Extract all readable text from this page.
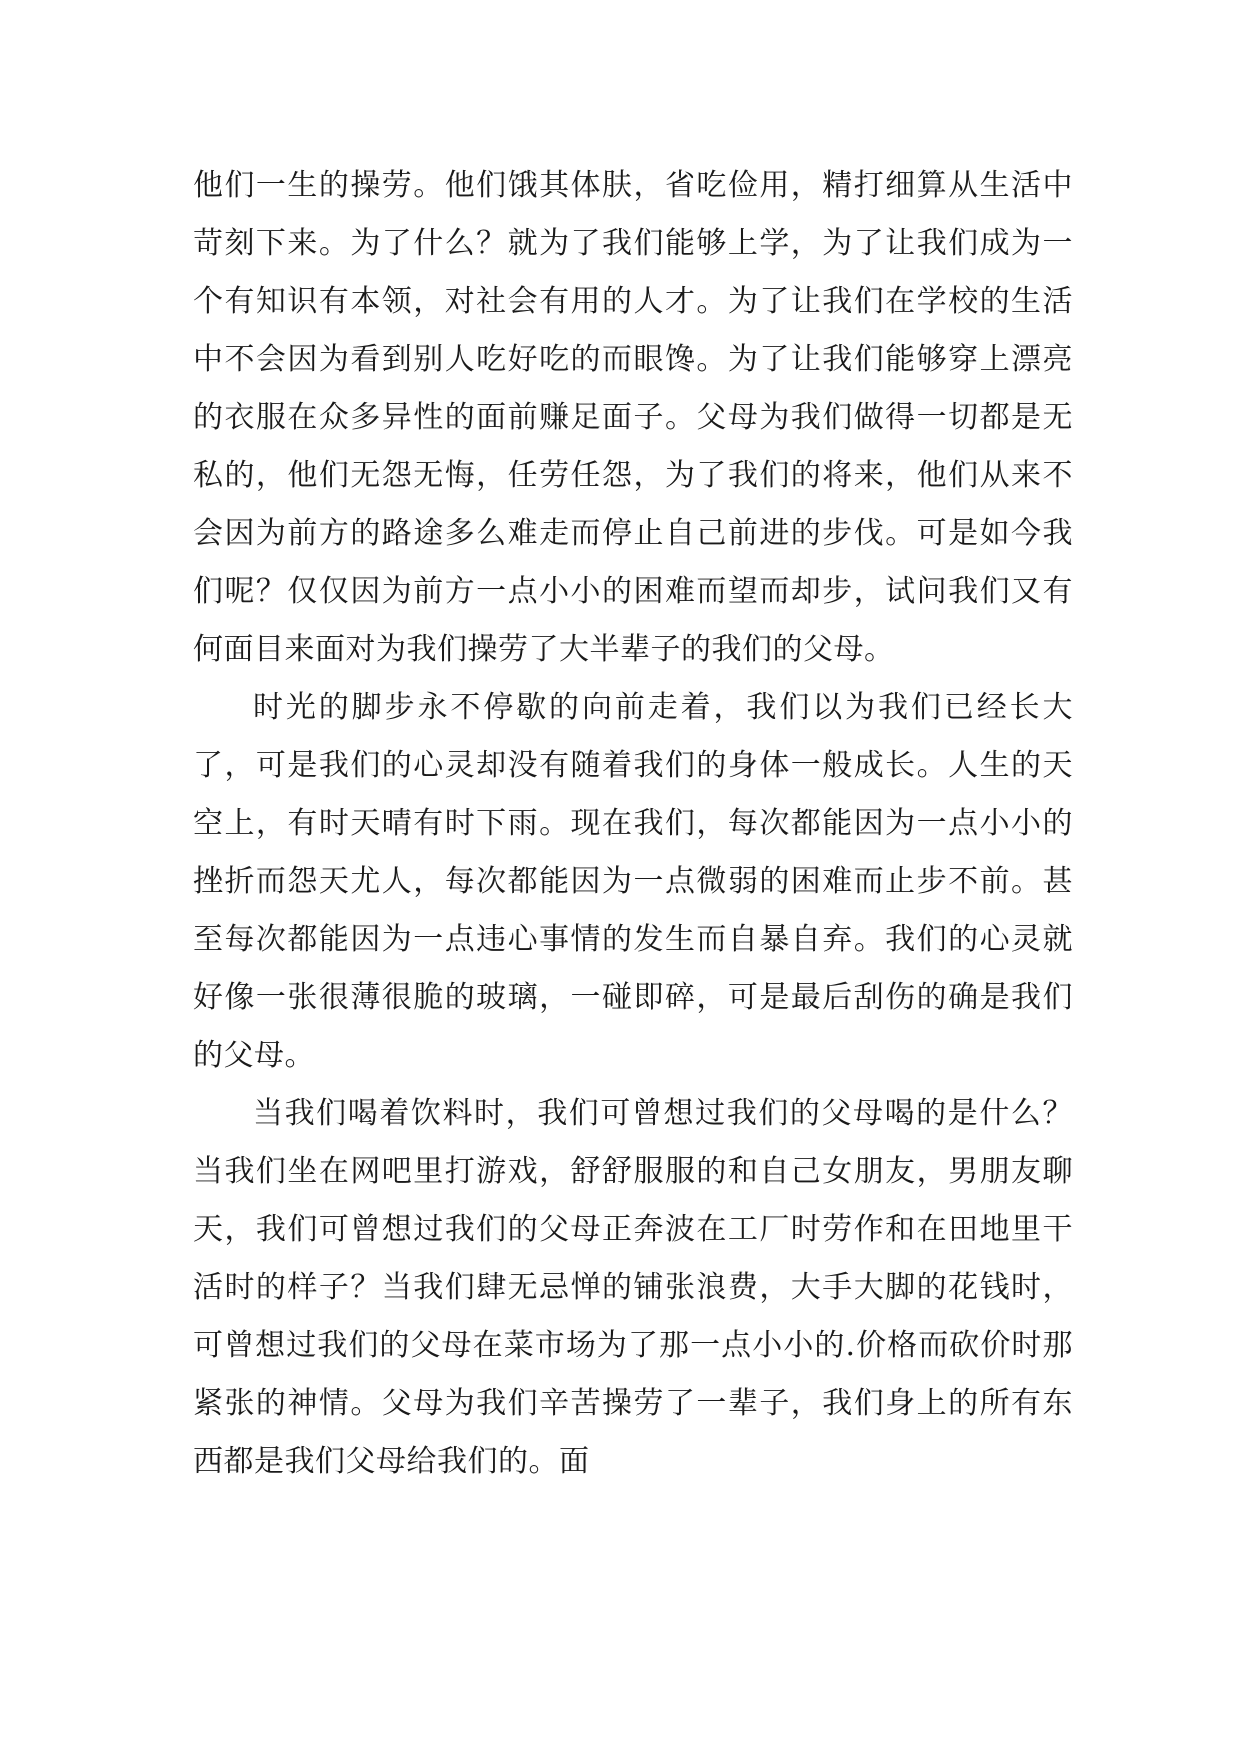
他们一生的操劳。他们饿其体肤，省吃俭用，精打细算从生活中苛刻下来。为了什么？就为了我们能够上学，为了让我们成为一个有知识有本领，对社会有用的人才。为了让我们在学校的生活中不会因为看到别人吃好吃的而眼馋。为了让我们能够穿上漂亮的衣服在众多异性的面前赚足面子。父母为我们做得一切都是无私的，他们无怨无悔，任劳任怨，为了我们的将来，他们从来不会因为前方的路途多么难走而停止自己前进的步伐。可是如今我们呢？仅仅因为前方一点小小的困难而望而却步，试问我们又有何面目来面对为我们操劳了大半辈子的我们的父母。

时光的脚步永不停歇的向前走着，我们以为我们已经长大了，可是我们的心灵却没有随着我们的身体一般成长。人生的天空上，有时天晴有时下雨。现在我们，每次都能因为一点小小的挫折而怨天尤人，每次都能因为一点微弱的困难而止步不前。甚至每次都能因为一点违心事情的发生而自暴自弃。我们的心灵就好像一张很薄很脆的玻璃，一碰即碎，可是最后刮伤的确是我们的父母。

当我们喝着饮料时，我们可曾想过我们的父母喝的是什么？当我们坐在网吧里打游戏，舒舒服服的和自己女朋友，男朋友聊天，我们可曾想过我们的父母正奔波在工厂时劳作和在田地里干活时的样子？当我们肆无忌惮的铺张浪费，大手大脚的花钱时，可曾想过我们的父母在菜市场为了那一点小小的.价格而砍价时那紧张的神情。父母为我们辛苦操劳了一辈子，我们身上的所有东西都是我们父母给我们的。面
